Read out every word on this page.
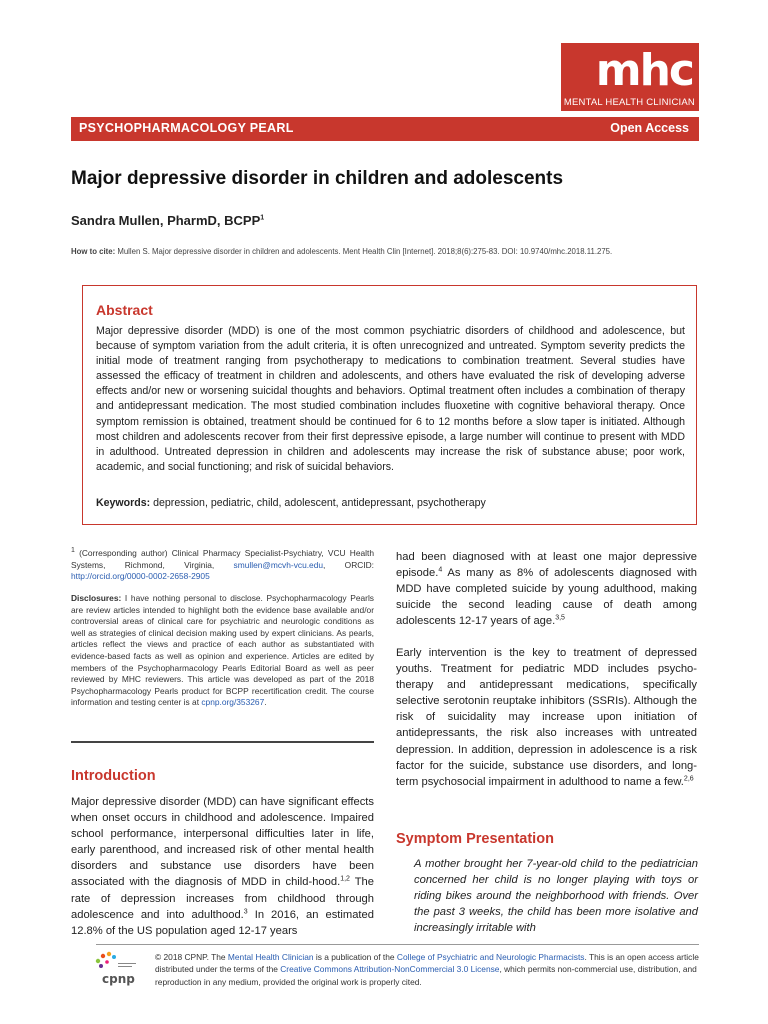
mhc
MENTAL HEALTH CLINICIAN
PSYCHOPHARMACOLOGY PEARL	Open Access
Major depressive disorder in children and adolescents
Sandra Mullen, PharmD, BCPP$^1$
How to cite: Mullen S. Major depressive disorder in children and adolescents. Ment Health Clin [Internet]. 2018;8(6):275-83. DOI: 10.9740/mhc.2018.11.275.
Abstract
Major depressive disorder (MDD) is one of the most common psychiatric disorders of childhood and adolescence, but because of symptom variation from the adult criteria, it is often unrecognized and untreated. Symptom severity predicts the initial mode of treatment ranging from psychotherapy to medications to combination treatment. Several studies have assessed the efficacy of treatment in children and adolescents, and others have evaluated the risk of developing adverse effects and/or new or worsening suicidal thoughts and behaviors. Optimal treatment often includes a combination of therapy and antidepressant medication. The most studied combination includes fluoxetine with cognitive behavioral therapy. Once symptom remission is obtained, treatment should be continued for 6 to 12 months before a slow taper is initiated. Although most children and adolescents recover from their first depressive episode, a large number will continue to present with MDD in adulthood. Untreated depression in children and adolescents may increase the risk of substance abuse; poor work, academic, and social functioning; and risk of suicidal behaviors.
Keywords: depression, pediatric, child, adolescent, antidepressant, psychotherapy
$^1$ (Corresponding author) Clinical Pharmacy Specialist-Psychiatry, VCU Health Systems, Richmond, Virginia, smullen@mcvh-vcu.edu, ORCID: http://orcid.org/0000-0002-2658-2905
Disclosures: I have nothing personal to disclose. Psychopharmacology Pearls are review articles intended to highlight both the evidence base available and/or controversial areas of clinical care for psychiatric and neurologic conditions as well as strategies of clinical decision making used by expert clinicians. As pearls, articles reflect the views and practice of each author as substantiated with evidence-based facts as well as opinion and experience. Articles are edited by members of the Psychopharmacology Pearls Editorial Board as well as peer reviewed by MHC reviewers. This article was developed as part of the 2018 Psychopharmacology Pearls product for BCPP recertification credit. The course information and testing center is at cpnp.org/353267.
Introduction
Major depressive disorder (MDD) can have significant effects when onset occurs in childhood and adolescence. Impaired school performance, interpersonal difficulties later in life, early parenthood, and increased risk of other mental health disorders and substance use disorders have been associated with the diagnosis of MDD in child-hood.$^{1,2}$ The rate of depression increases from childhood through adolescence and into adulthood.$^3$ In 2016, an estimated 12.8% of the US population aged 12-17 years
had been diagnosed with at least one major depressive episode.$^4$ As many as 8% of adolescents diagnosed with MDD have completed suicide by young adulthood, making suicide the second leading cause of death among adolescents 12-17 years of age.$^{3,5}$
Early intervention is the key to treatment of depressed youths. Treatment for pediatric MDD includes psycho-therapy and antidepressant medications, specifically selective serotonin reuptake inhibitors (SSRIs). Although the risk of suicidality may increase upon initiation of antidepressants, the risk also increases with untreated depression. In addition, depression in adolescence is a risk factor for the suicide, substance use disorders, and long-term psychosocial impairment in adulthood to name a few.$^{2,6}$
Symptom Presentation
A mother brought her 7-year-old child to the pediatrician concerned her child is no longer playing with toys or riding bikes around the neighborhood with friends. Over the past 3 weeks, the child has been more isolative and increasingly irritable with
cpnp
© 2018 CPNP. The Mental Health Clinician is a publication of the College of Psychiatric and Neurologic Pharmacists. This is an open access article distributed under the terms of the Creative Commons Attribution-NonCommercial 3.0 License, which permits non-commercial use, distribution, and reproduction in any medium, provided the original work is properly cited.
